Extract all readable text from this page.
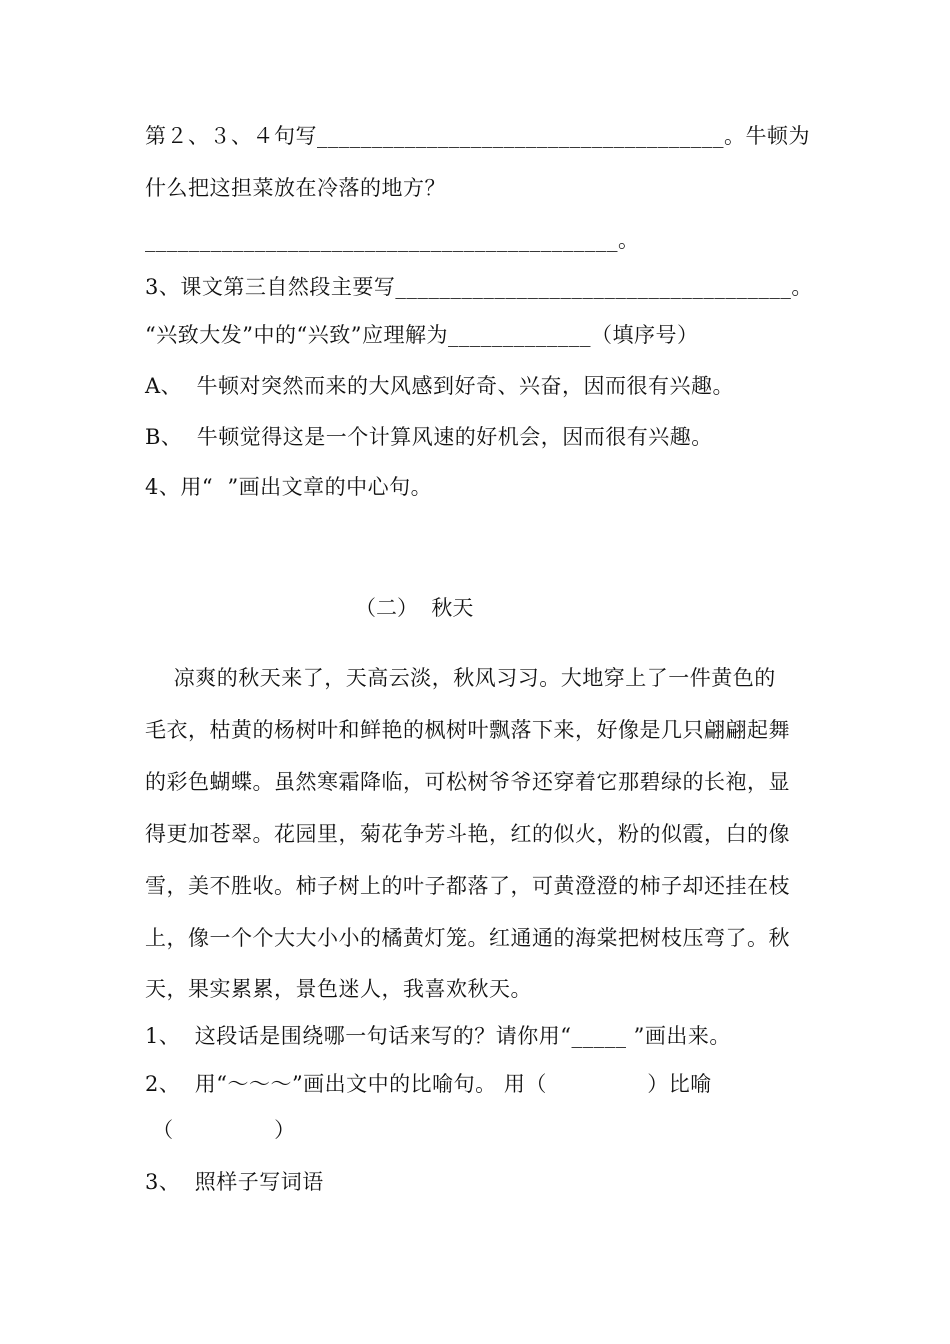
第２、３、４句写_____________________________________。牛顿为
什么把这担菜放在冷落的地方？
___________________________________________。
3、课文第三自然段主要写____________________________________。
“兴致大发”中的“兴致”应理解为_____________（填序号）
A、  牛顿对突然而来的大风感到好奇、兴奋，因而很有兴趣。
B、  牛顿觉得这是一个计算风速的好机会，因而很有兴趣。
4、用“  ”画出文章的中心句。
（二）  秋天
凉爽的秋天来了，天高云淡，秋风习习。大地穿上了一件黄色的
毛衣，枯黄的杨树叶和鲜艳的枫树叶飘落下来，好像是几只翩翩起舞
的彩色蝴蝶。虽然寒霜降临，可松树爷爷还穿着它那碧绿的长袍，显
得更加苍翠。花园里，菊花争芳斗艳，红的似火，粉的似霞，白的像
雪，美不胜收。柿子树上的叶子都落了，可黄澄澄的柿子却还挂在枝
上，像一个个大大小小的橘黄灯笼。红通通的海棠把树枝压弯了。秋
天，果实累累，景色迷人，我喜欢秋天。
1、  这段话是围绕哪一句话来写的？请你用“_____ ”画出来。
2、  用“～～～”画出文中的比喻句。 用（              ）比喻
（              ）
3、  照样子写词语
